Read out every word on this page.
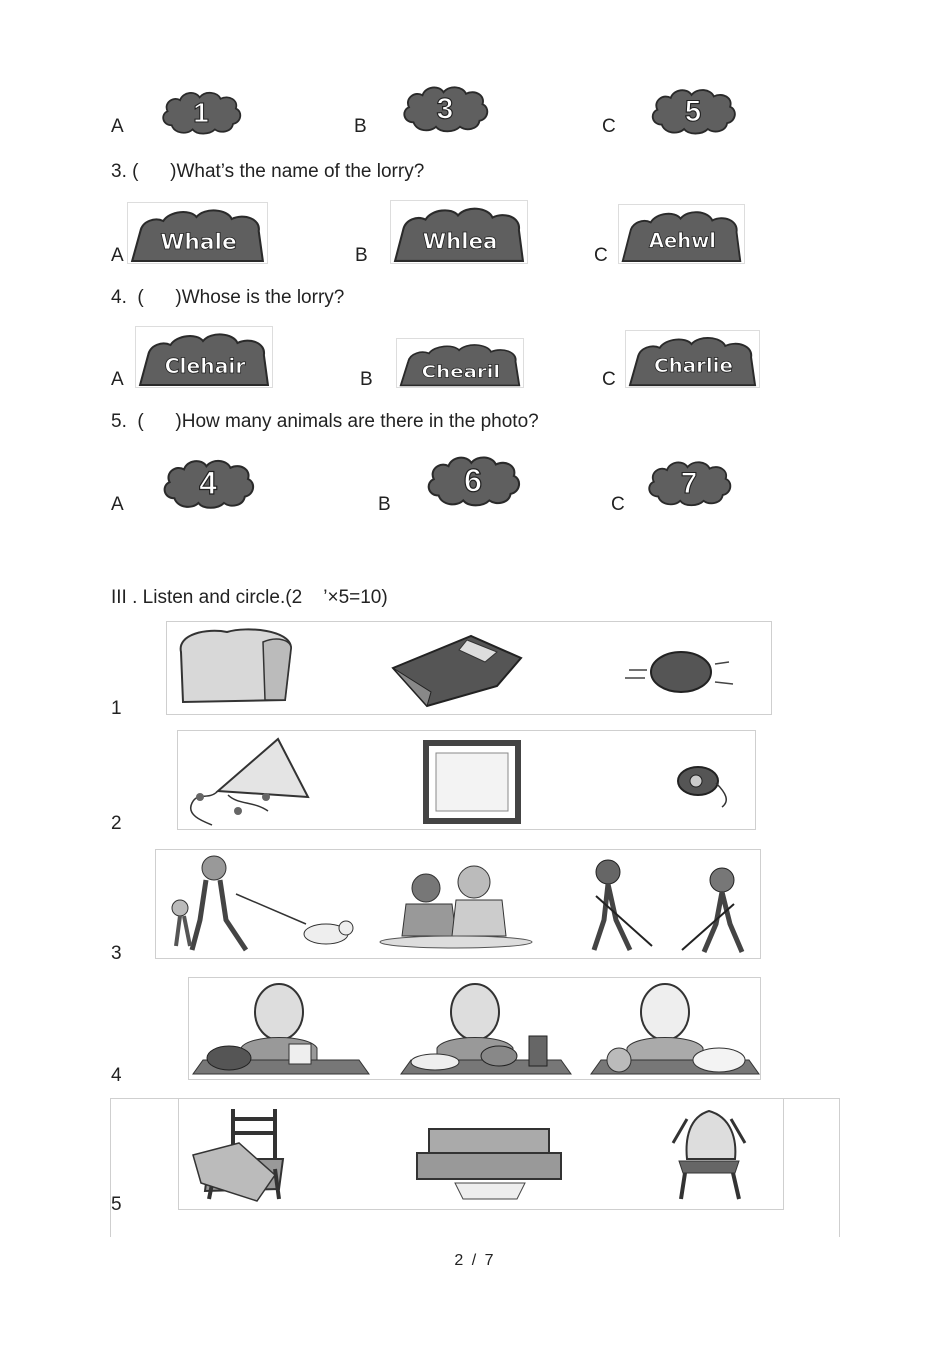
A 1	B
3
C 5
3. (      )What’s the name of the lorry?
A
Whale
B
Whlea
C
Aehwl
4.  (      )Whose is the lorry?
A
Clehair
B Chearil	C
Charlie
5.  (      )How many animals are there in the photo?
A
4
B
6
C
7
III . Listen and circle.(2    ’×5=10)
1
2
3
4
5
2 / 7
